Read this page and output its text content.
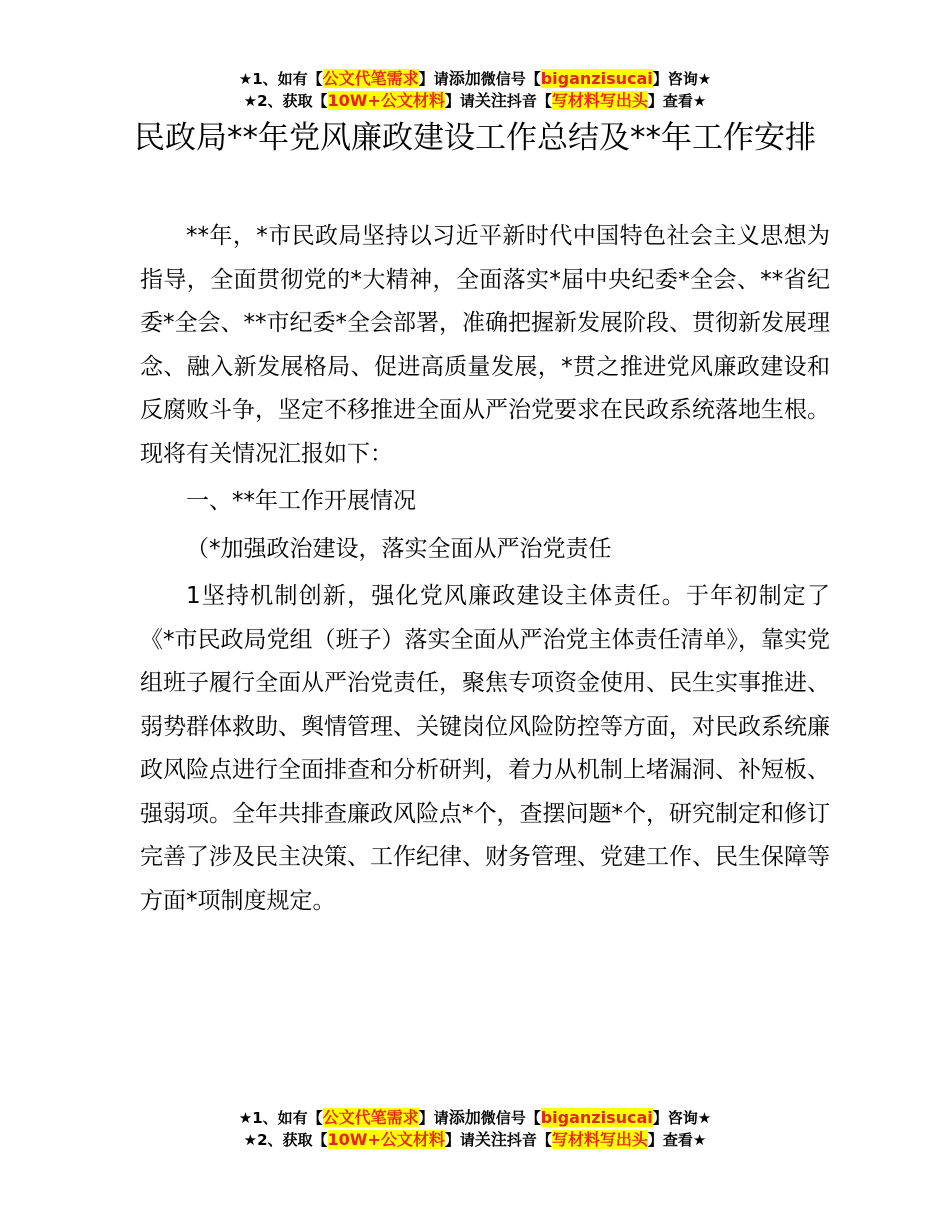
★1、如有【公文代笔需求】请添加微信号【biganzisucai】咨询★
★2、获取【10W+公文材料】请关注抖音【写材料写出头】查看★
民政局**年党风廉政建设工作总结及**年工作安排

**年，*市民政局坚持以习近平新时代中国特色社会主义思想为指导，全面贯彻党的*大精神，全面落实*届中央纪委*全会、**省纪委*全会、**市纪委*全会部署，准确把握新发展阶段、贯彻新发展理念、融入新发展格局、促进高质量发展，*贯之推进党风廉政建设和反腐败斗争，坚定不移推进全面从严治党要求在民政系统落地生根。现将有关情况汇报如下：

一、**年工作开展情况

（*加强政治建设，落实全面从严治党责任

1坚持机制创新，强化党风廉政建设主体责任。于年初制定了《*市民政局党组（班子）落实全面从严治党主体责任清单》，靠实党组班子履行全面从严治党责任，聚焦专项资金使用、民生实事推进、弱势群体救助、舆情管理、关键岗位风险防控等方面，对民政系统廉政风险点进行全面排查和分析研判，着力从机制上堵漏洞、补短板、强弱项。全年共排查廉政风险点*个，查摆问题*个，研究制定和修订完善了涉及民主决策、工作纪律、财务管理、党建工作、民生保障等方面*项制度规定。

★1、如有【公文代笔需求】请添加微信号【biganzisucai】咨询★
★2、获取【10W+公文材料】请关注抖音【写材料写出头】查看★
